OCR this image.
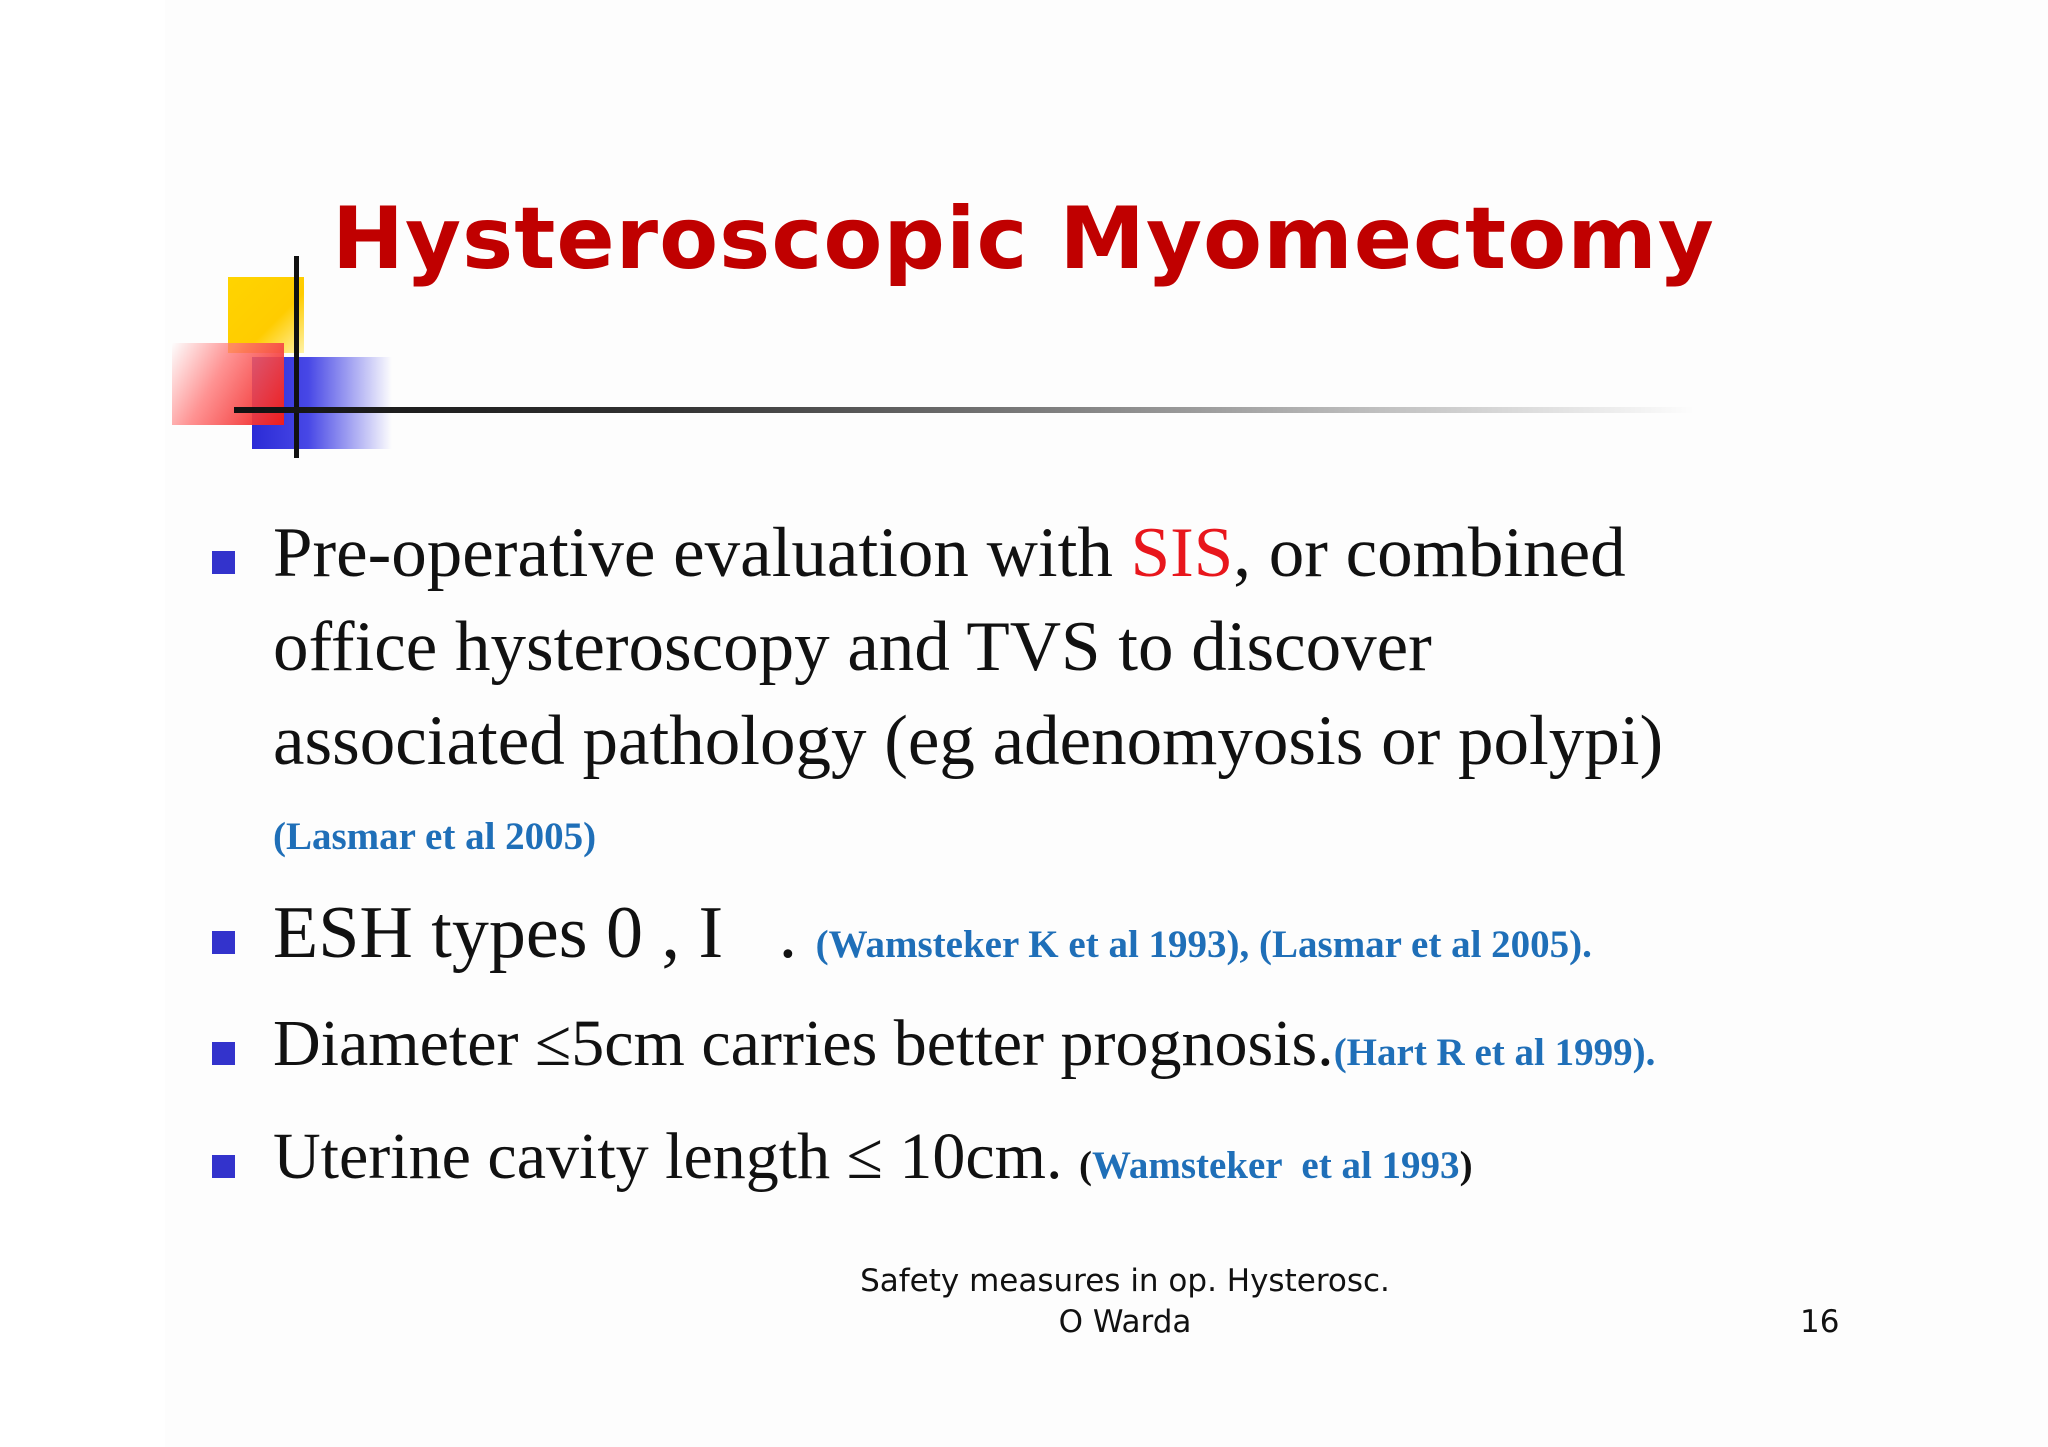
Hysteroscopic Myomectomy
Pre-operative evaluation with SIS, or combined
office hysteroscopy and TVS to discover
associated pathology (eg adenomyosis or polypi)
(Lasmar et al 2005)
ESH types 0 , I   . (Wamsteker K et al 1993), (Lasmar et al 2005).
Diameter ≤5cm carries better prognosis.(Hart R et al 1999).
Uterine cavity length ≤ 10cm. (Wamsteker  et al 1993)
Safety measures in op. Hysterosc.
O Warda	16
